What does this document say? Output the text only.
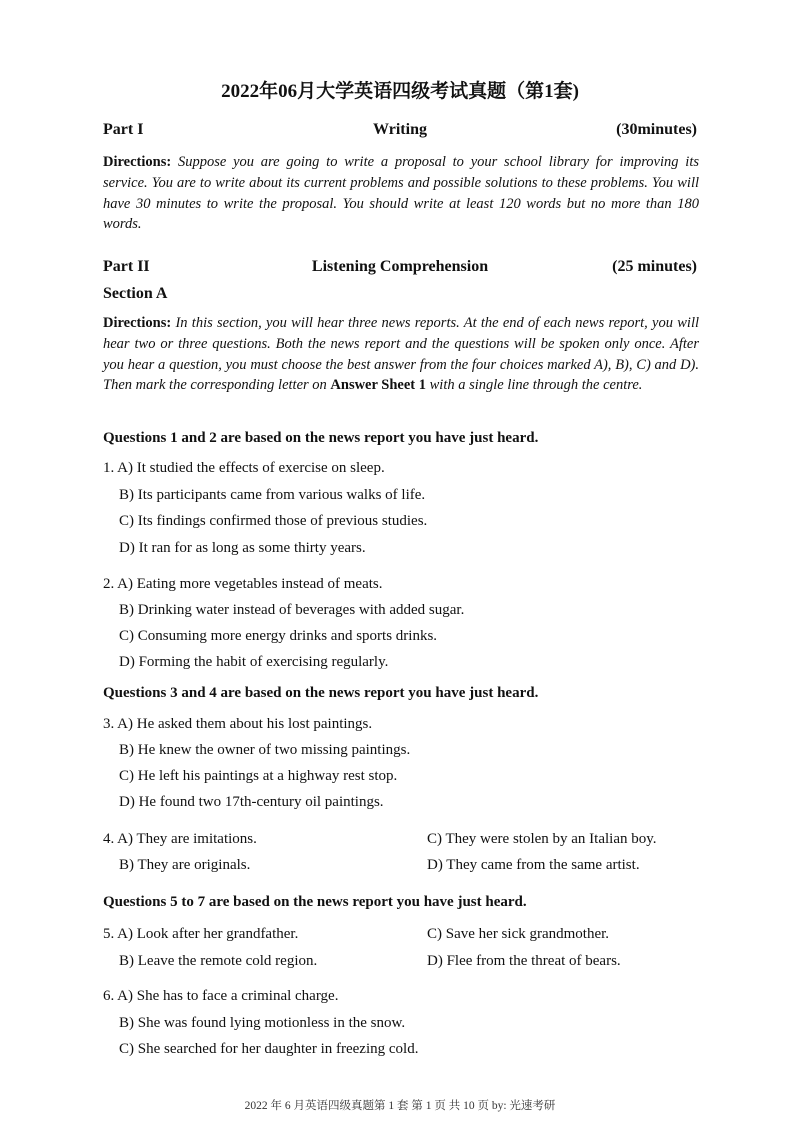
2022年06月大学英语四级考试真题（第1套)
Writing
Part I	(30minutes)
Directions: Suppose you are going to write a proposal to your school library for improving its service. You are to write about its current problems and possible solutions to these problems. You will have 30 minutes to write the proposal. You should write at least 120 words but no more than 180 words.
Listening Comprehension
Part II	(25 minutes)
Section A
Directions: In this section, you will hear three news reports. At the end of each news report, you will hear two or three questions. Both the news report and the questions will be spoken only once. After you hear a question, you must choose the best answer from the four choices marked A), B), C) and D). Then mark the corresponding letter on Answer Sheet 1 with a single line through the centre.
Questions 1 and 2 are based on the news report you have just heard.
1. A) It studied the effects of exercise on sleep.
B) Its participants came from various walks of life.
C) Its findings confirmed those of previous studies.
D) It ran for as long as some thirty years.
2. A) Eating more vegetables instead of meats.
B) Drinking water instead of beverages with added sugar.
C) Consuming more energy drinks and sports drinks.
D) Forming the habit of exercising regularly.
Questions 3 and 4 are based on the news report you have just heard.
3. A) He asked them about his lost paintings.
B) He knew the owner of two missing paintings.
C) He left his paintings at a highway rest stop.
D) He found two 17th-century oil paintings.
4. A) They are imitations.	C) They were stolen by an Italian boy.
B) They are originals.	D) They came from the same artist.
Questions 5 to 7 are based on the news report you have just heard.
5. A) Look after her grandfather.	C) Save her sick grandmother.
B) Leave the remote cold region.	D) Flee from the threat of bears.
6. A) She has to face a criminal charge.
B) She was found lying motionless in the snow.
C) She searched for her daughter in freezing cold.
2022 年 6 月英语四级真题第 1 套 第 1 页 共 10 页 by: 光速考研
